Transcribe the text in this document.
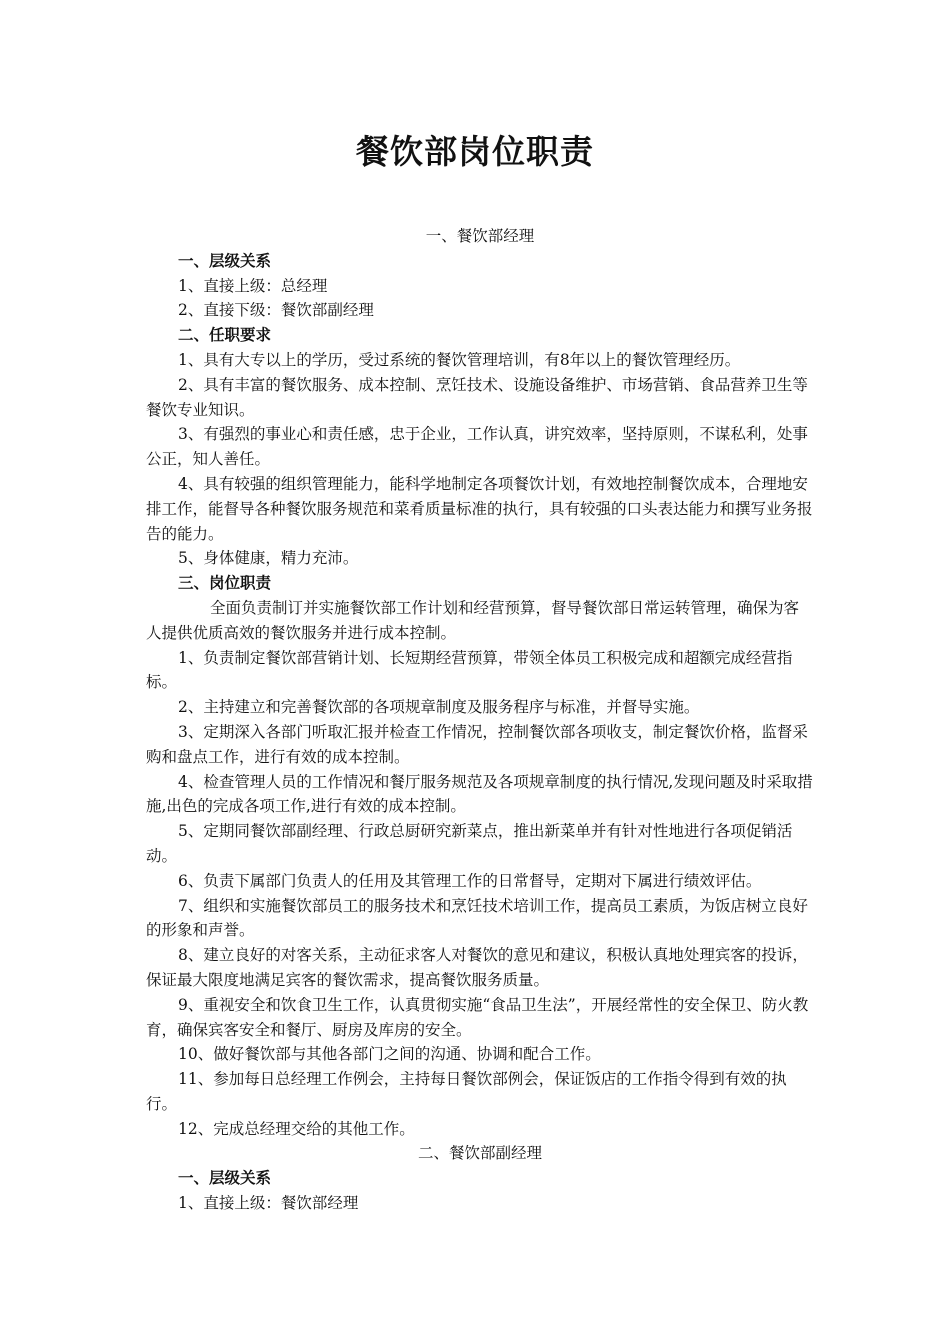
餐饮部岗位职责
一、餐饮部经理
一、层级关系
1、直接上级：总经理
2、直接下级：餐饮部副经理
二、任职要求
1、具有大专以上的学历，受过系统的餐饮管理培训，有8年以上的餐饮管理经历。
2、具有丰富的餐饮服务、成本控制、烹饪技术、设施设备维护、市场营销、食品营养卫生等餐饮专业知识。
3、有强烈的事业心和责任感，忠于企业，工作认真，讲究效率，坚持原则，不谋私利，处事公正，知人善任。
4、具有较强的组织管理能力，能科学地制定各项餐饮计划，有效地控制餐饮成本，合理地安排工作，能督导各种餐饮服务规范和菜肴质量标准的执行，具有较强的口头表达能力和撰写业务报告的能力。
5、身体健康，精力充沛。
三、岗位职责
全面负责制订并实施餐饮部工作计划和经营预算，督导餐饮部日常运转管理，确保为客人提供优质高效的餐饮服务并进行成本控制。
1、负责制定餐饮部营销计划、长短期经营预算，带领全体员工积极完成和超额完成经营指标。
2、主持建立和完善餐饮部的各项规章制度及服务程序与标准，并督导实施。
3、定期深入各部门听取汇报并检查工作情况，控制餐饮部各项收支，制定餐饮价格，监督采购和盘点工作，进行有效的成本控制。
4、检查管理人员的工作情况和餐厅服务规范及各项规章制度的执行情况,发现问题及时采取措施,出色的完成各项工作,进行有效的成本控制。
5、定期同餐饮部副经理、行政总厨研究新菜点，推出新菜单并有针对性地进行各项促销活动。
6、负责下属部门负责人的任用及其管理工作的日常督导，定期对下属进行绩效评估。
7、组织和实施餐饮部员工的服务技术和烹饪技术培训工作，提高员工素质，为饭店树立良好的形象和声誉。
8、建立良好的对客关系，主动征求客人对餐饮的意见和建议，积极认真地处理宾客的投诉，保证最大限度地满足宾客的餐饮需求，提高餐饮服务质量。
9、重视安全和饮食卫生工作，认真贯彻实施“食品卫生法”，开展经常性的安全保卫、防火教育，确保宾客安全和餐厅、厨房及库房的安全。
10、做好餐饮部与其他各部门之间的沟通、协调和配合工作。
11、参加每日总经理工作例会，主持每日餐饮部例会，保证饭店的工作指令得到有效的执行。
12、完成总经理交给的其他工作。
二、餐饮部副经理
一、层级关系
1、直接上级：餐饮部经理
